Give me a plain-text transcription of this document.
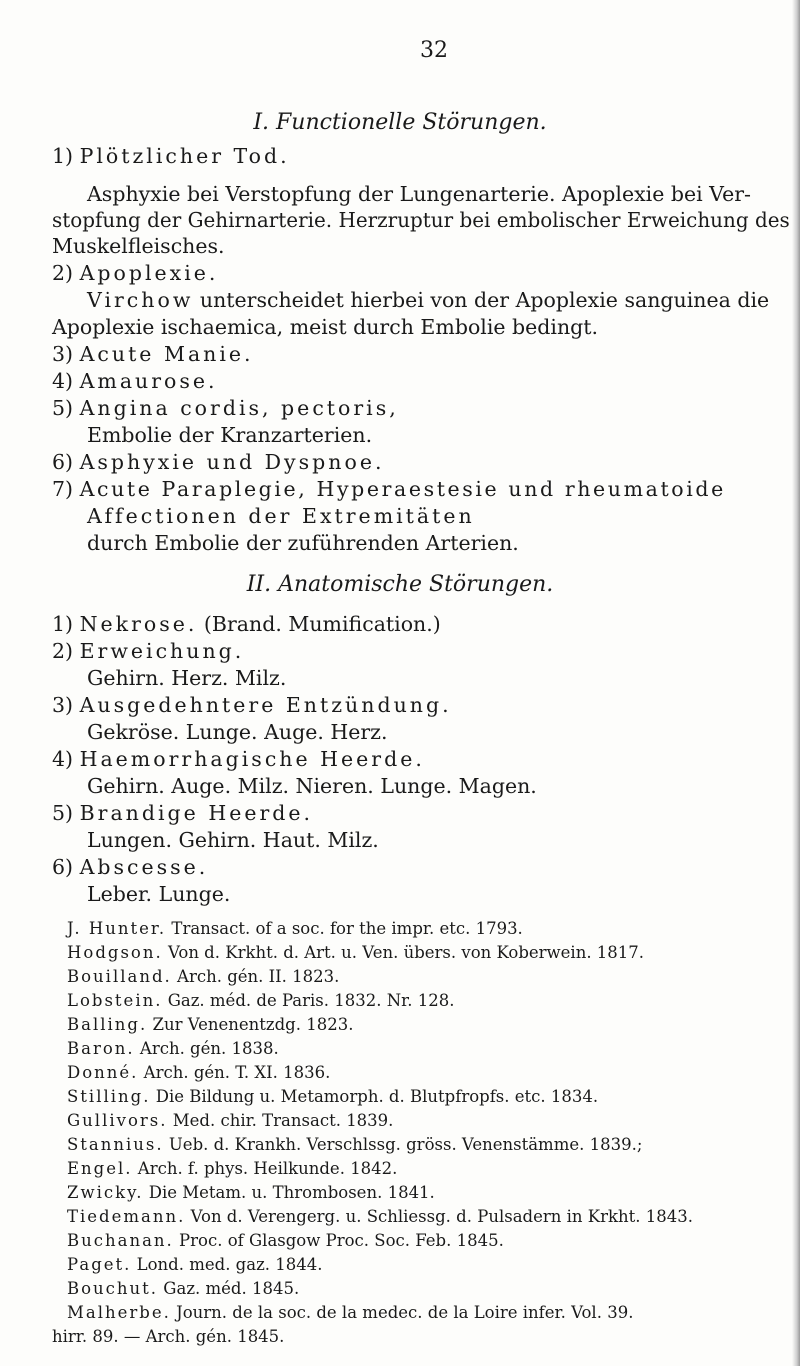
32
I. Functionelle Störungen.
1) Plötzlicher Tod.
Asphyxie bei Verstopfung der Lungenarterie. Apoplexie bei Ver-
stopfung der Gehirnarterie. Herzruptur bei embolischer Erweichung des
Muskelfleisches.
2) Apoplexie.
Virchow unterscheidet hierbei von der Apoplexie sanguinea die
Apoplexie ischaemica, meist durch Embolie bedingt.
3) Acute Manie.
4) Amaurose.
5) Angina cordis, pectoris,
Embolie der Kranzarterien.
6) Asphyxie und Dyspnoe.
7) Acute Paraplegie, Hyperaestesie und rheumatoide
Affectionen der Extremitäten
durch Embolie der zuführenden Arterien.
II. Anatomische Störungen.
1) Nekrose. (Brand. Mumification.)
2) Erweichung.
Gehirn. Herz. Milz.
3) Ausgedehntere Entzündung.
Gekröse. Lunge. Auge. Herz.
4) Haemorrhagische Heerde.
Gehirn. Auge. Milz. Nieren. Lunge. Magen.
5) Brandige Heerde.
Lungen. Gehirn. Haut. Milz.
6) Abscesse.
Leber. Lunge.
J. Hunter. Transact. of a soc. for the impr. etc. 1793.
Hodgson. Von d. Krkht. d. Art. u. Ven. übers. von Koberwein. 1817.
Bouilland. Arch. gén. II. 1823.
Lobstein. Gaz. méd. de Paris. 1832. Nr. 128.
Balling. Zur Venenentzdg. 1823.
Baron. Arch. gén. 1838.
Donné. Arch. gén. T. XI. 1836.
Stilling. Die Bildung u. Metamorph. d. Blutpfropfs. etc. 1834.
Gullivors. Med. chir. Transact. 1839.
Stannius. Ueb. d. Krankh. Verschlssg. gröss. Venenstämme. 1839.;
Engel. Arch. f. phys. Heilkunde. 1842.
Zwicky. Die Metam. u. Thrombosen. 1841.
Tiedemann. Von d. Verengerg. u. Schliessg. d. Pulsadern in Krkht. 1843.
Buchanan. Proc. of Glasgow Proc. Soc. Feb. 1845.
Paget. Lond. med. gaz. 1844.
Bouchut. Gaz. méd. 1845.
Malherbe. Journ. de la soc. de la medec. de la Loire infer. Vol. 39.
hirr. 89. — Arch. gén. 1845.
